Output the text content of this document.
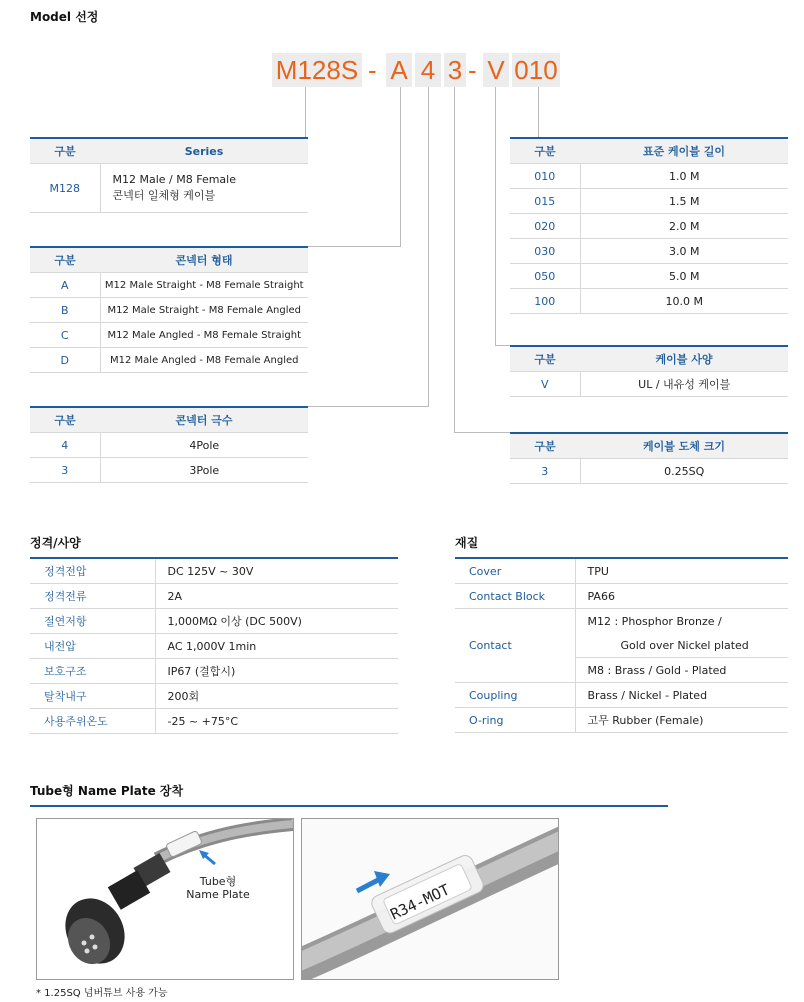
Model 선정
M128S - A 4 3 - V 010
구분	Series
M128	M12 Male / M8 Female
콘넥터 일체형 케이블
구분	콘넥터 형태
A	M12 Male Straight - M8 Female Straight
B	M12 Male Straight - M8 Female Angled
C	M12 Male Angled - M8 Female Straight
D	M12 Male Angled - M8 Female Angled
구분	콘넥터 극수
4	4Pole
3	3Pole
구분	표준 케이블 길이
010	1.0 M
015	1.5 M
020	2.0 M
030	3.0 M
050	5.0 M
100	10.0 M
구분	케이블 사양
V	UL / 내유성 케이블
구분	케이블 도체 크기
3	0.25SQ
정격/사양
정격전압	DC 125V ~ 30V
정격전류	2A
절연저항	1,000MΩ 이상 (DC 500V)
내전압	AC 1,000V 1min
보호구조	IP67 (결합시)
탈착내구	200회
사용주위온도	-25 ~ +75°C
재질
Cover	TPU
Contact Block	PA66
Contact	M12 : Phosphor Bronze /
	Gold over Nickel plated
	M8 : Brass / Gold - Plated
Coupling	Brass / Nickel - Plated
O-ring	고무 Rubber (Female)
Tube형 Name Plate 장착
Tube형
Name Plate	R34-MOT
* 1.25SQ 넘버튜브 사용 가능
